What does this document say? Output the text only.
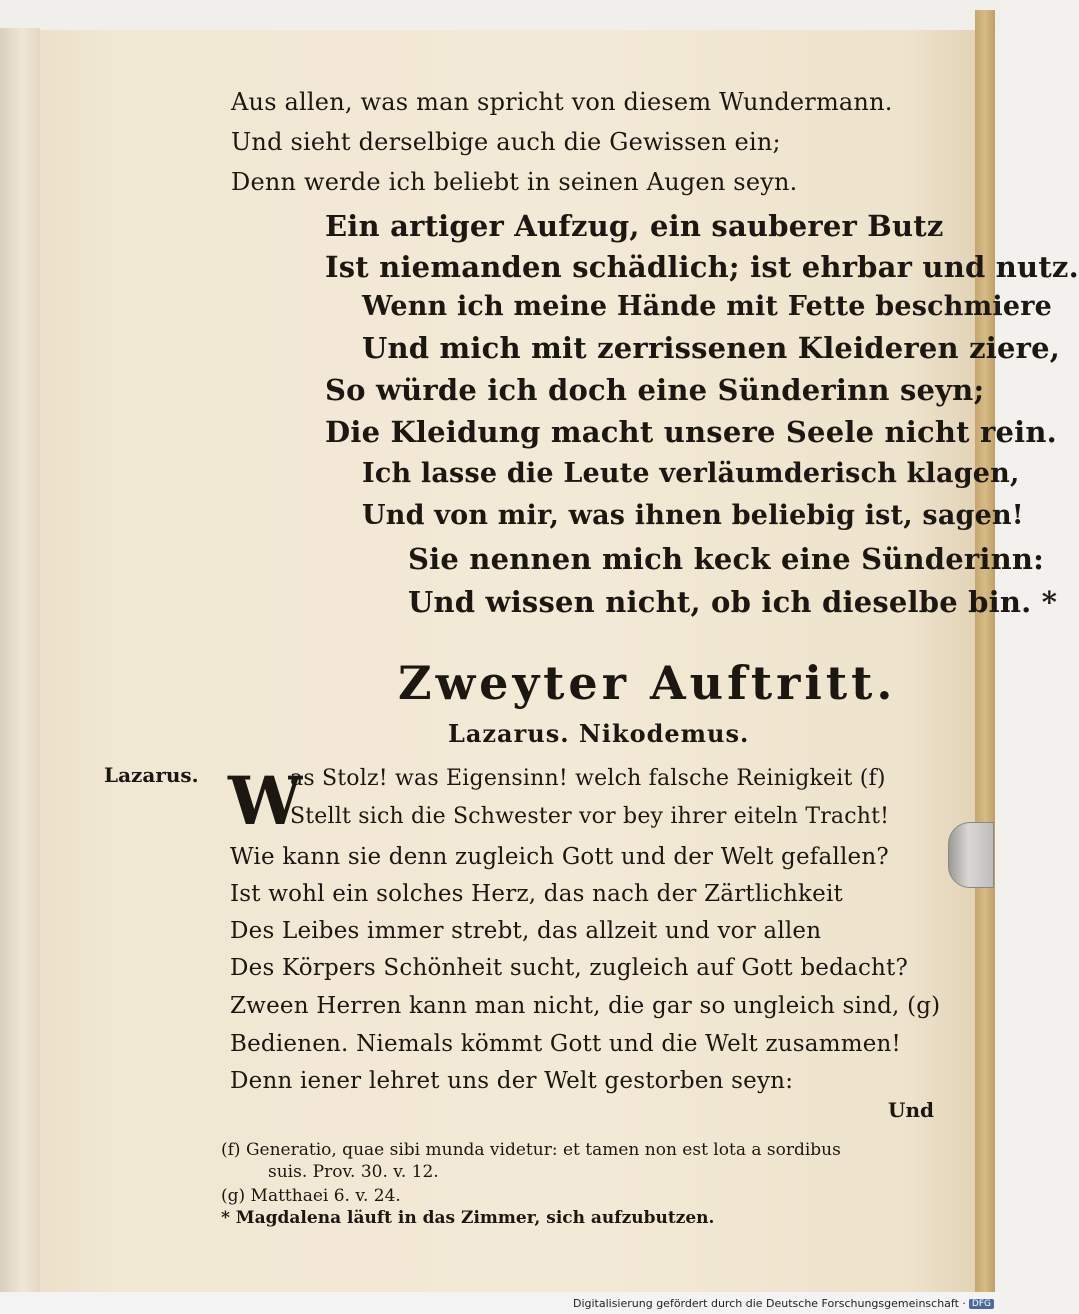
Aus allen, was man spricht von diesem Wundermann.
Und sieht derselbige auch die Gewissen ein;
Denn werde ich beliebt in seinen Augen seyn.
Ein artiger Aufzug, ein sauberer Butz
Ist niemanden schädlich; ist ehrbar und nutz.
Wenn ich meine Hände mit Fette beschmiere
Und mich mit zerrissenen Kleideren ziere,
So würde ich doch eine Sünderinn seyn;
Die Kleidung macht unsere Seele nicht rein.
Ich lasse die Leute verläumderisch klagen,
Und von mir, was ihnen beliebig ist, sagen!
Sie nennen mich keck eine Sünderinn:
Und wissen nicht, ob ich dieselbe bin. *
Zweyter Auftritt.
Lazarus. Nikodemus.
Lazarus. W
as Stolz! was Eigensinn! welch falsche Reinigkeit (f)
Stellt sich die Schwester vor bey ihrer eiteln Tracht!
Wie kann sie denn zugleich Gott und der Welt gefallen?
Ist wohl ein solches Herz, das nach der Zärtlichkeit
Des Leibes immer strebt, das allzeit und vor allen
Des Körpers Schönheit sucht, zugleich auf Gott bedacht?
Zween Herren kann man nicht, die gar so ungleich sind, (g)
Bedienen. Niemals kömmt Gott und die Welt zusammen!
Denn iener lehret uns der Welt gestorben seyn:
Und
(f) Generatio, quae sibi munda videtur: et tamen non est lota a sordibus
suis. Prov. 30. v. 12.
(g) Matthaei 6. v. 24.
* Magdalena läuft in das Zimmer, sich aufzubutzen.
Digitalisierung gefördert durch die Deutsche Forschungsgemeinschaft · DFG
